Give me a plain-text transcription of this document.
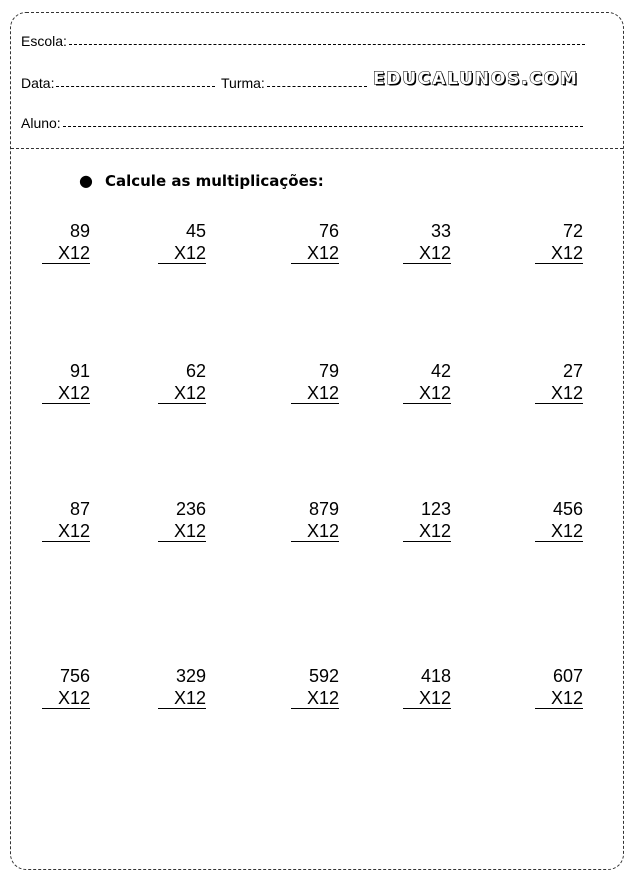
Escola:
Data:	Turma:	EDUCALUNOS.COM
Aluno:
● Calcule as multiplicações:
89
X12
45
X12
76
X12
33
X12
72
X12
91
X12
62
X12
79
X12
42
X12
27
X12
87
X12
236
X12
879
X12
123
X12
456
X12
756
X12
329
X12
592
X12
418
X12
607
X12
